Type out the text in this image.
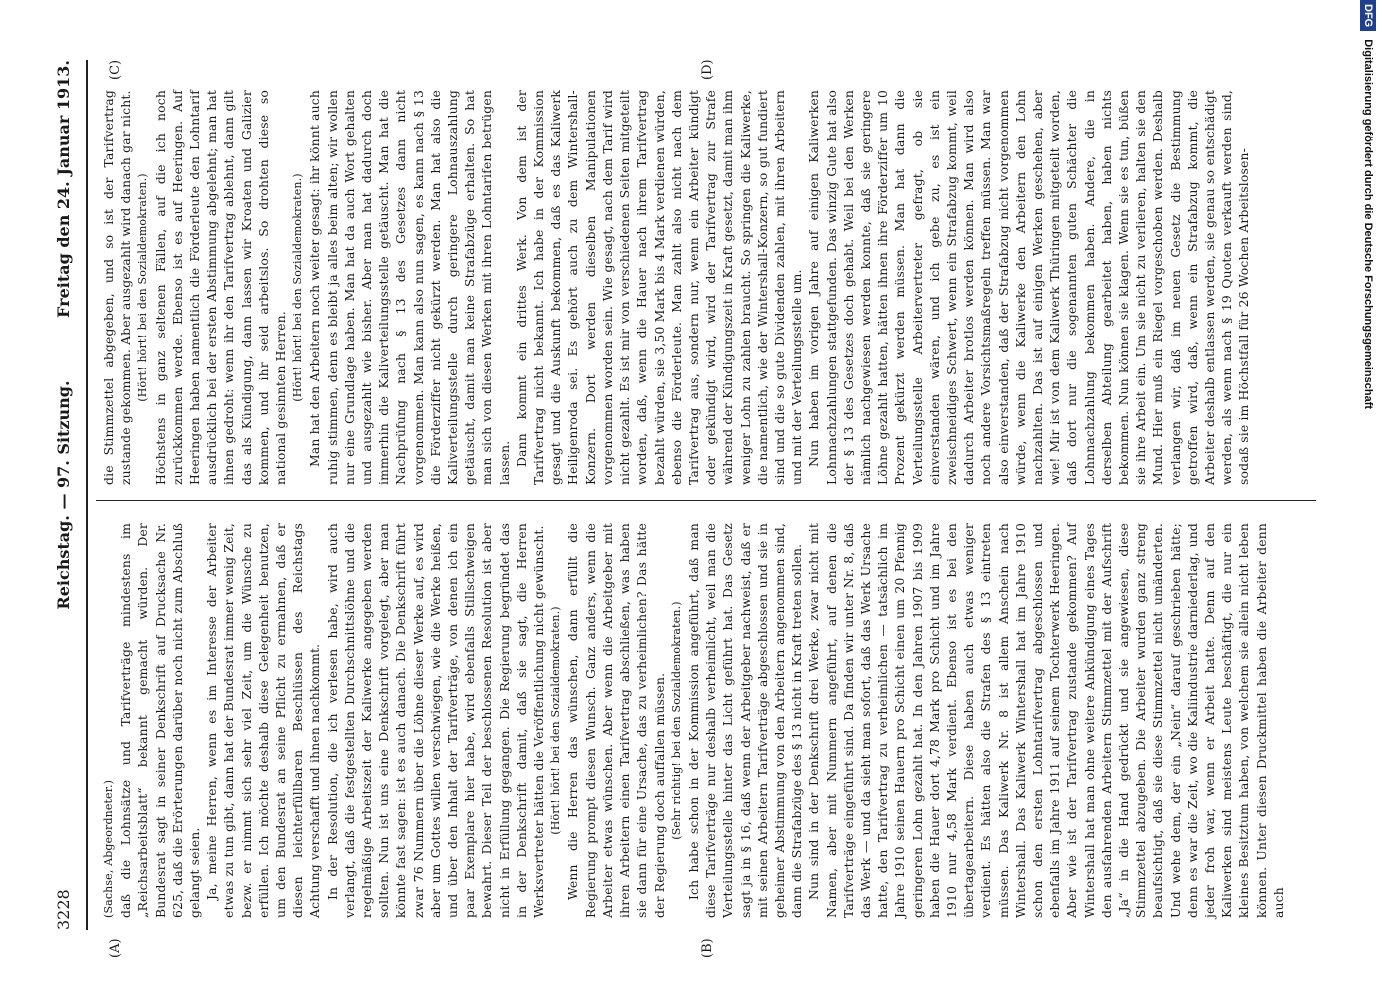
3228
Reichstag. — 97. Sitzung.
Freitag den 24. Januar 1913.
(A)	(B)
(C)	(D)

(Sachse, Abgeordneter.) daß die Lohnsätze und Tarifverträge mindestens im „Reichsarbeitsblatt“ bekannt gemacht würden. Der Bundesrat sagt in seiner Denkschrift auf Drucksache Nr. 625, daß die Erörterungen darüber noch nicht zum Abschluß gelangt seien. Ja, meine Herren, wenn es im Interesse der Arbeiter etwas zu tun gibt, dann hat der Bundesrat immer wenig Zeit, bezw. er nimmt sich sehr viel Zeit, um die Wünsche zu erfüllen. Ich möchte deshalb diese Gelegenheit benutzen, um den Bundesrat an seine Pflicht zu ermahnen, daß er diesen leichterfüllbaren Beschlüssen des Reichstags Achtung verschafft und ihnen nachkommt. In der Resolution, die ich verlesen habe, wird auch verlangt, daß die festgestellten Durchschnittslöhne und die regelmäßige Arbeitszeit der Kaliwerke angegeben werden sollten. Nun ist uns eine Denkschrift vorgelegt, aber man könnte fast sagen: ist es auch danach. Die Denkschrift führt zwar 76 Nummern über die Löhne dieser Werke auf, es wird aber um Gottes willen verschwiegen, wie die Werke heißen, und über den Inhalt der Tarifverträge, von denen ich ein paar Exemplare hier habe, wird ebenfalls Stillschweigen bewahrt. Dieser Teil der beschlossenen Resolution ist aber nicht in Erfüllung gegangen. Die Regierung begründet das in der Denkschrift damit, daß sie sagt, die Herren Werksvertreter hätten die Veröffentlichung nicht gewünscht. (Hört! hört! bei den Sozialdemokraten.) Wenn die Herren das wünschen, dann erfüllt die Regierung prompt diesen Wunsch. Ganz anders, wenn die Arbeiter etwas wünschen. Aber wenn die Arbeitgeber mit ihren Arbeitern einen Tarifvertrag abschließen, was haben sie dann für eine Ursache, das zu verheimlichen? Das hätte der Regierung doch auffallen müssen. (Sehr richtig! bei den Sozialdemokraten.) Ich habe schon in der Kommission angeführt, daß man diese Tarifverträge nur deshalb verheimlicht, weil man die Verteilungsstelle hinter das Licht geführt hat. Das Gesetz sagt ja in § 16, daß wenn der Arbeitgeber nachweist, daß er mit seinen Arbeitern Tarifverträge abgeschlossen und sie in geheimer Abstimmung von den Arbeitern angenommen sind, dann die Strafabzüge des § 13 nicht in Kraft treten sollen. Nun sind in der Denkschrift drei Werke, zwar nicht mit Namen, aber mit Nummern angeführt, auf denen die Tarifverträge eingeführt sind. Da finden wir unter Nr. 8, daß das Werk — und da sieht man sofort, daß das Werk Ursache hatte, den Tarifvertrag zu verheimlichen — tatsächlich im Jahre 1910 seinen Hauern pro Schicht einen um 20 Pfennig geringeren Lohn gezahlt hat. In den Jahren 1907 bis 1909 haben die Hauer dort 4,78 Mark pro Schicht und im Jahre 1910 nur 4,58 Mark verdient. Ebenso ist es bei den übertagearbeitern. Diese haben auch etwas weniger verdient. Es hätten also die Strafen des § 13 eintreten müssen. Das Kaliwerk Nr. 8 ist allem Anschein nach Wintershall. Das Kaliwerk Wintershall hat im Jahre 1910 schon den ersten Lohntarifvertrag abgeschlossen und ebenfalls im Jahre 1911 auf seinem Tochterwerk Heeringen. Aber wie ist der Tarifvertrag zustande gekommen? Auf Wintershall hat man ohne weitere Ankündigung eines Tages den ausfahrenden Arbeitern Stimmzettel mit der Aufschrift „Ja“ in die Hand gedrückt und sie angewiesen, diese Stimmzettel abzugeben. Die Arbeiter wurden ganz streng beaufsichtigt, daß sie diese Stimmzettel nicht umänderten. Und wehe dem, der ein „Nein“ darauf geschrieben hätte; denn es war die Zeit, wo die Kaliindustrie darniederlag, und jeder froh war, wenn er Arbeit hatte. Denn auf den Kaliwerken sind meistens Leute beschäftigt, die nur ein kleines Besitztum haben, von welchem sie allein nicht leben können. Unter diesen Druckmittel haben die Arbeiter denn auch

die Stimmzettel abgegeben, und so ist der Tarifvertrag zustande gekommen. Aber ausgezahlt wird danach gar nicht. (Hört! hört! bei den Sozialdemokraten.) Höchstens in ganz seltenen Fällen, auf die ich noch zurückkommen werde. Ebenso ist es auf Heeringen. Auf Heeringen haben namentlich die Förderleute den Lohntarif ausdrücklich bei der ersten Abstimmung abgelehnt; man hat ihnen gedroht: wenn ihr den Tarifvertrag ablehnt, dann gilt das als Kündigung, dann lassen wir Kroaten und Galizier kommen, und ihr seid arbeitslos. So drohten diese so national gesinnten Herren. (Hört! hört! bei den Sozialdemokraten.) Man hat den Arbeitern noch weiter gesagt: ihr könnt auch ruhig stimmen, denn es bleibt ja alles beim alten; wir wollen nur eine Grundlage haben. Man hat da auch Wort gehalten und ausgezahlt wie bisher. Aber man hat dadurch doch immerhin die Kaliverteilungsstelle getäuscht. Man hat die Nachprüfung nach § 13 des Gesetzes dann nicht vorgenommen. Man kann also nun sagen, es kann nach § 13 die Förderziffer nicht gekürzt werden. Man hat also die Kaliverteilungsstelle durch geringere Lohnauszahlung getäuscht, damit man keine Strafabzüge erhalten. So hat man sich von diesen Werken mit ihren Lohntarifen betrügen lassen. Dann kommt ein drittes Werk. Von dem ist der Tarifvertrag nicht bekannt. Ich habe in der Kommission gesagt und die Auskunft bekommen, daß es das Kaliwerk Heiligenroda sei. Es gehört auch zu dem Wintershall-Konzern. Dort werden dieselben Manipulationen vorgenommen worden sein. Wie gesagt, nach dem Tarif wird nicht gezahlt. Es ist mir von verschiedenen Seiten mitgeteilt worden, daß, wenn die Hauer nach ihrem Tarifvertrag bezahlt würden, sie 3,50 Mark bis 4 Mark verdienen würden, ebenso die Förderleute. Man zahlt also nicht nach dem Tarifvertrag aus, sondern nur, wenn ein Arbeiter kündigt oder gekündigt wird, wird der Tarifvertrag zur Strafe während der Kündigungszeit in Kraft gesetzt, damit man ihm weniger Lohn zu zahlen braucht. So springen die Kaliwerke, die namentlich, wie der Wintershall-Konzern, so gut fundiert sind und die so gute Dividenden zahlen, mit ihren Arbeitern und mit der Verteilungsstelle um. Nun haben im vorigen Jahre auf einigen Kaliwerken Lohnnachzahlungen stattgefunden. Das winzig Gute hat also der § 13 des Gesetzes doch gehabt. Weil bei den Werken nämlich nachgewiesen werden konnte, daß sie geringere Löhne gezahlt hatten, hätten ihnen ihre Förderziffer um 10 Prozent gekürzt werden müssen. Man hat dann die Verteilungsstelle Arbeitervertreter gefragt, ob sie einverstanden wären, und ich gebe zu, es ist ein zweischneidiges Schwert, wenn ein Strafabzug kommt, weil dadurch Arbeiter brotlos werden können. Man wird also noch andere Vorsichtsmaßregeln treffen müssen. Man war also einverstanden, daß der Strafabzug nicht vorgenommen würde, wenn die Kaliwerke den Arbeitern den Lohn nachzahlten. Das ist auf einigen Werken geschehen, aber wie! Mir ist von dem Kaliwerk Thüringen mitgeteilt worden, daß dort nur die sogenannten guten Schächter die Lohnnachzahlung bekommen haben. Andere, die in derselben Abteilung gearbeitet haben, haben nichts bekommen. Nun können sie klagen. Wenn sie es tun, büßen sie ihre Arbeit ein. Um sie nicht zu verlieren, halten sie den Mund. Hier muß ein Riegel vorgeschoben werden. Deshalb verlangen wir, daß im neuen Gesetz die Bestimmung getroffen wird, daß, wenn ein Strafabzug kommt, die Arbeiter deshalb entlassen werden, sie genau so entschädigt werden, als wenn nach § 19 Quoten verkauft werden sind, sodaß sie im Höchstfall für 26 Wochen Arbeitslosen-

DFGDigitalisierung gefördert durch die Deutsche Forschungsgemeinschaft
